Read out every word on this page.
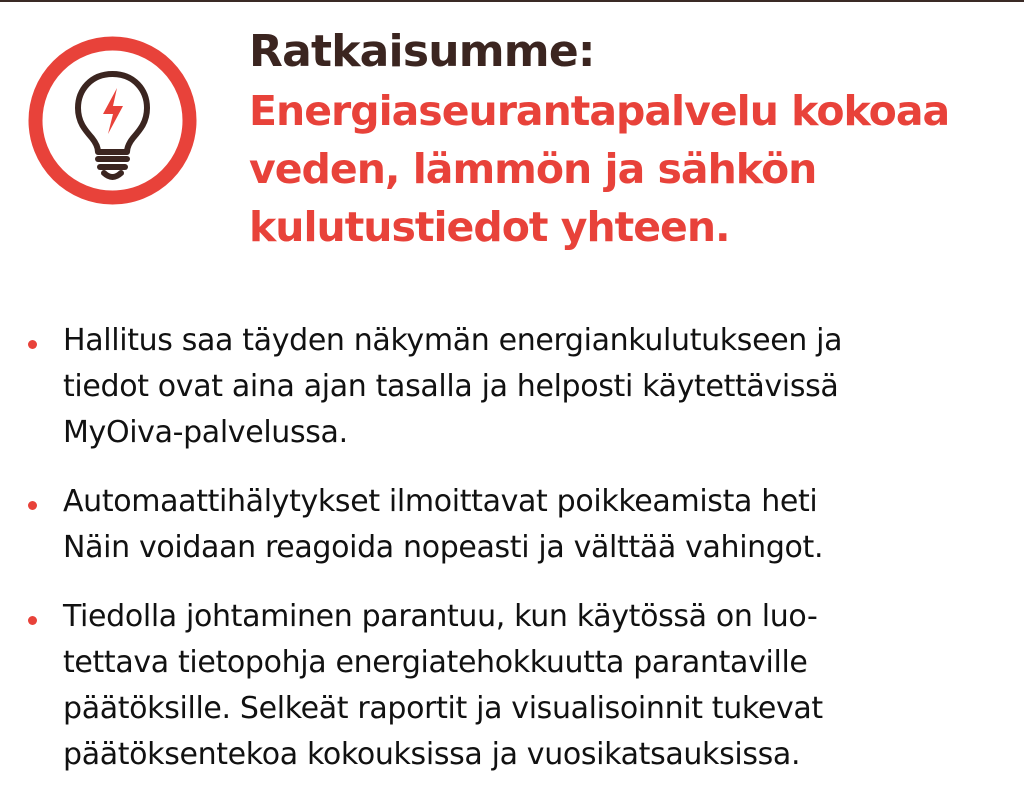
Ratkaisumme:
Energiaseurantapalvelu kokoaa
veden, lämmön ja sähkön
kulutustiedot yhteen.
Hallitus saa täyden näkymän energiankulutukseen ja
tiedot ovat aina ajan tasalla ja helposti käytettävissä
MyOiva-palvelussa.
Automaattihälytykset ilmoittavat poikkeamista heti
Näin voidaan reagoida nopeasti ja välttää vahingot.
Tiedolla johtaminen parantuu, kun käytössä on luo-
tettava tietopohja energiatehokkuutta parantaville
päätöksille. Selkeät raportit ja visualisoinnit tukevat
päätöksentekoa kokouksissa ja vuosikatsauksissa.
